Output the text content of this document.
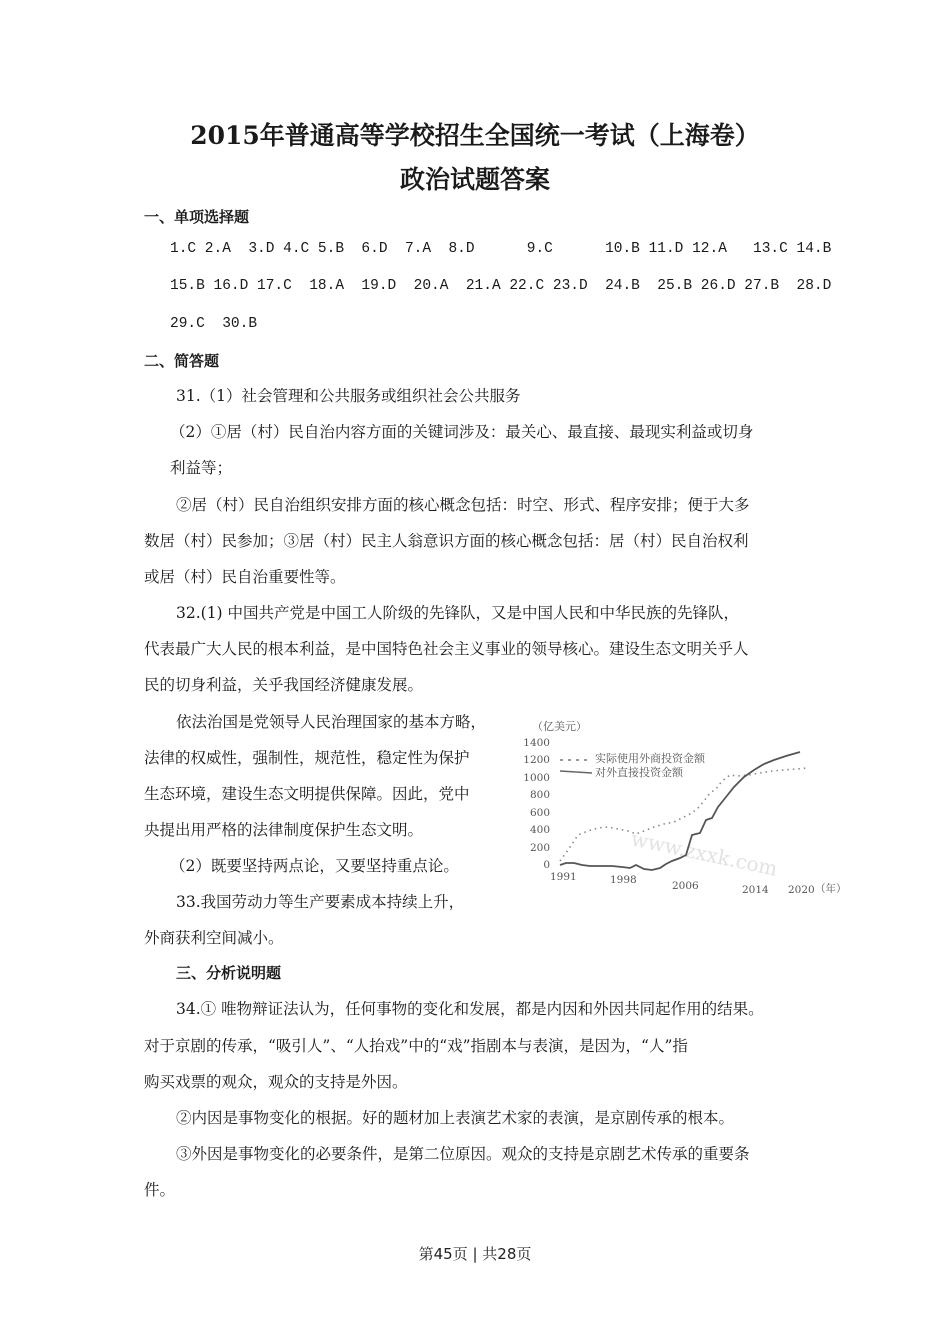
2015年普通高等学校招生全国统一考试（上海卷）
政治试题答案
一、单项选择题
1.C 2.A  3.D 4.C 5.B  6.D  7.A  8.D      9.C      10.B 11.D 12.A   13.C 14.B
15.B 16.D 17.C  18.A  19.D  20.A  21.A 22.C 23.D  24.B  25.B 26.D 27.B  28.D
29.C  30.B
二、简答题
31.（1）社会管理和公共服务或组织社会公共服务
（2）①居（村）民自治内容方面的关键词涉及：最关心、最直接、最现实利益或切身
利益等；
②居（村）民自治组织安排方面的核心概念包括：时空、形式、程序安排；便于大多
数居（村）民参加；③居（村）民主人翁意识方面的核心概念包括：居（村）民自治权利
或居（村）民自治重要性等。
32.(1) 中国共产党是中国工人阶级的先锋队，又是中国人民和中华民族的先锋队，
代表最广大人民的根本利益，是中国特色社会主义事业的领导核心。建设生态文明关乎人
民的切身利益，关乎我国经济健康发展。
依法治国是党领导人民治理国家的基本方略，
法律的权威性，强制性，规范性，稳定性为保护
生态环境，建设生态文明提供保障。因此，党中
央提出用严格的法律制度保护生态文明。
（2）既要坚持两点论，又要坚持重点论。
33.我国劳动力等生产要素成本持续上升，
外商获利空间减小。
（亿美元）
1400
1200
1000
800
600
400
200
0
实际使用外商投资金额
对外直接投资金额
www.zxxk.com
1991	1998	2006	2014 2020 （年）
三、分析说明题
34.① 唯物辩证法认为，任何事物的变化和发展，都是内因和外因共同起作用的结果。
对于京剧的传承，“吸引人”、“人抬戏”中的“戏”指剧本与表演，是因为，“人”指
购买戏票的观众，观众的支持是外因。
②内因是事物变化的根据。好的题材加上表演艺术家的表演，是京剧传承的根本。
③外因是事物变化的必要条件，是第二位原因。观众的支持是京剧艺术传承的重要条
件。
第45页 | 共28页
